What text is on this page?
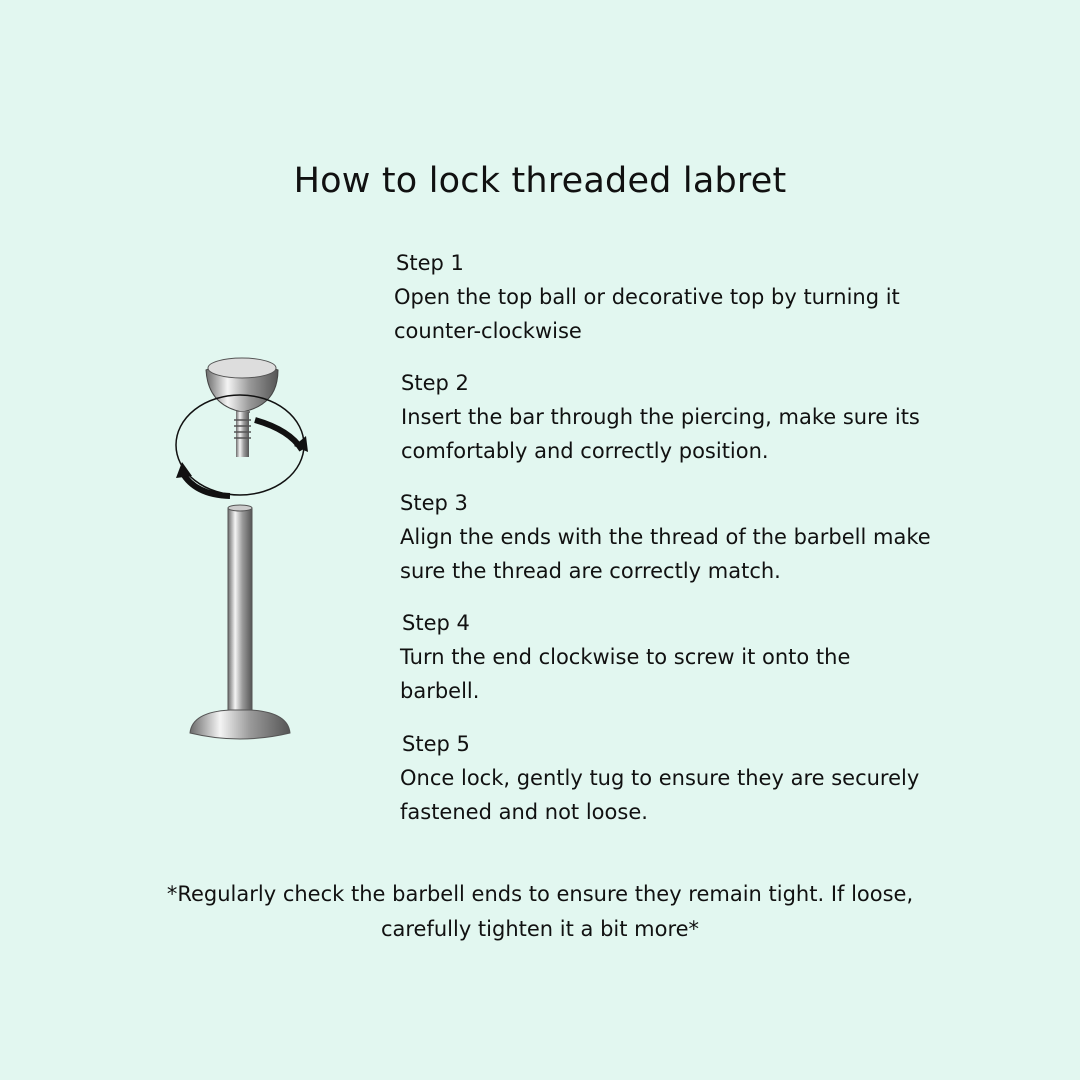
How to lock threaded labret
Step 1
Open the top ball or decorative top by turning it counter-clockwise
Step 2
Insert the bar through the piercing, make sure its comfortably and correctly position.
Step 3
Align the ends with the thread of the barbell make sure the thread are correctly match.
Step 4
Turn the end clockwise to screw it onto the barbell.
Step 5
Once lock, gently tug to ensure they are securely fastened and not loose.
*Regularly check the barbell ends to ensure they remain tight. If loose, carefully tighten it a bit more*
